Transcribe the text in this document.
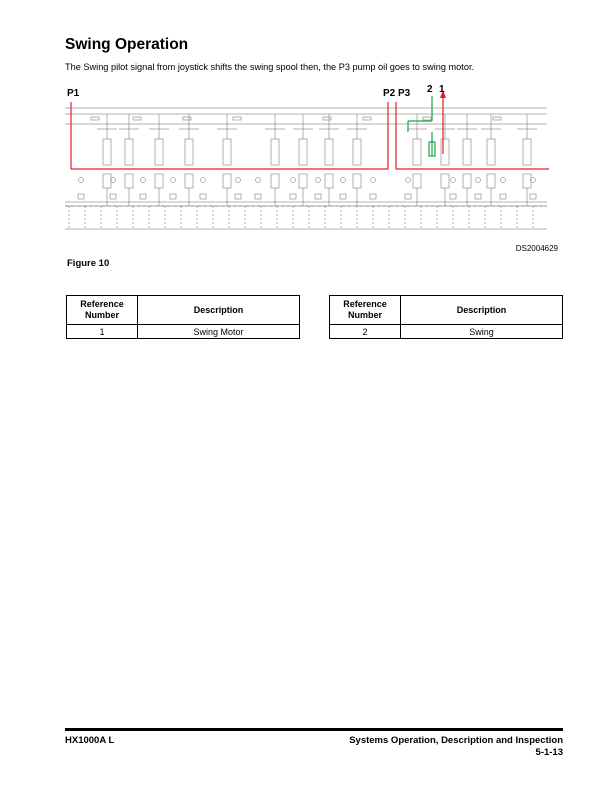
Swing Operation
The Swing pilot signal from joystick shifts the swing spool then, the P3 pump oil goes to swing motor.
P1	P2 P3 2 1
DS2004629
Figure 10
Reference
Number	Description
1	Swing Motor
Reference
Number	Description
2	Swing
HX1000A L	Systems Operation, Description and Inspection
5-1-13
